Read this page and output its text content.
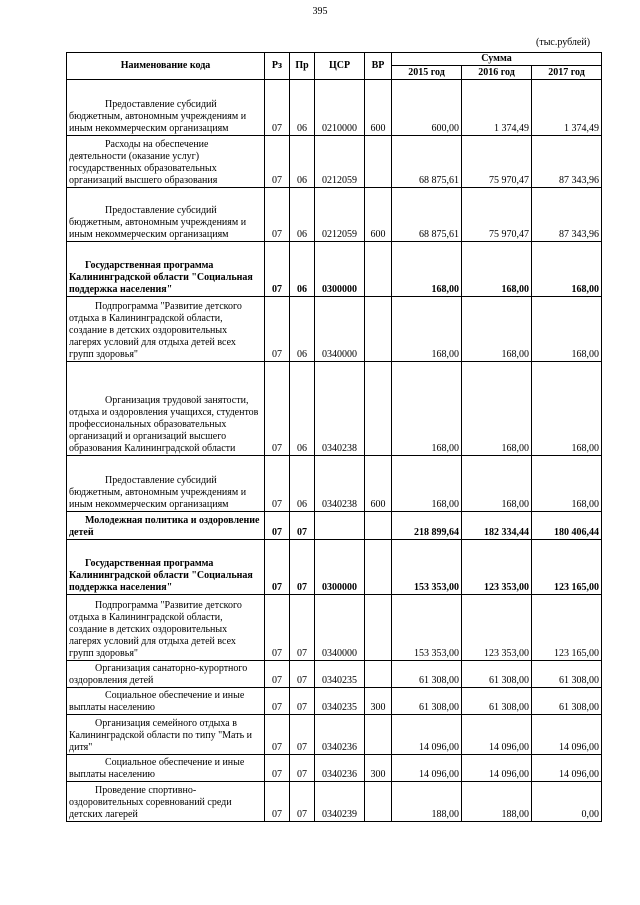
395
(тыс.рублей)
Наименование кода	Рз	Пр	ЦСР	ВР	Сумма		
					2015 год	2016 год	2017 год

Предоставление субсидий бюджетным, автономным учреждениям и иным некоммерческим организациям	07	06	0210000	600	600,00	1 374,49	1 374,49

Расходы на обеспечение деятельности (оказание услуг) государственных образовательных организаций высшего образования	07	06	0212059		68 875,61	75 970,47	87 343,96

Предоставление субсидий бюджетным, автономным учреждениям и иным некоммерческим организациям	07	06	0212059	600	68 875,61	75 970,47	87 343,96

Государственная программа Калининградской области "Социальная поддержка населения"	07	06	0300000		168,00	168,00	168,00

Подпрограмма "Развитие детского отдыха в Калининградской области, создание в детских оздоровительных лагерях условий для отдыха детей всех групп здоровья"	07	06	0340000		168,00	168,00	168,00

Организация трудовой занятости, отдыха и оздоровления учащихся, студентов профессиональных образовательных организаций и организаций высшего образования Калининградской области	07	06	0340238		168,00	168,00	168,00

Предоставление субсидий бюджетным, автономным учреждениям и иным некоммерческим организациям	07	06	0340238	600	168,00	168,00	168,00

Молодежная политика и оздоровление детей	07	07			218 899,64	182 334,44	180 406,44

Государственная программа Калининградской области "Социальная поддержка населения"	07	07	0300000		153 353,00	123 353,00	123 165,00

Подпрограмма "Развитие детского отдыха в Калининградской области, создание в детских оздоровительных лагерях условий для отдыха детей всех групп здоровья"	07	07	0340000		153 353,00	123 353,00	123 165,00

Организация санаторно-курортного оздоровления детей	07	07	0340235		61 308,00	61 308,00	61 308,00

Социальное обеспечение и иные выплаты населению	07	07	0340235	300	61 308,00	61 308,00	61 308,00

Организация семейного отдыха в Калининградской области по типу "Мать и дитя"	07	07	0340236		14 096,00	14 096,00	14 096,00

Социальное обеспечение и иные выплаты населению	07	07	0340236	300	14 096,00	14 096,00	14 096,00

Проведение спортивно-оздоровительных соревнований среди детских лагерей	07	07	0340239		188,00	188,00	0,00
